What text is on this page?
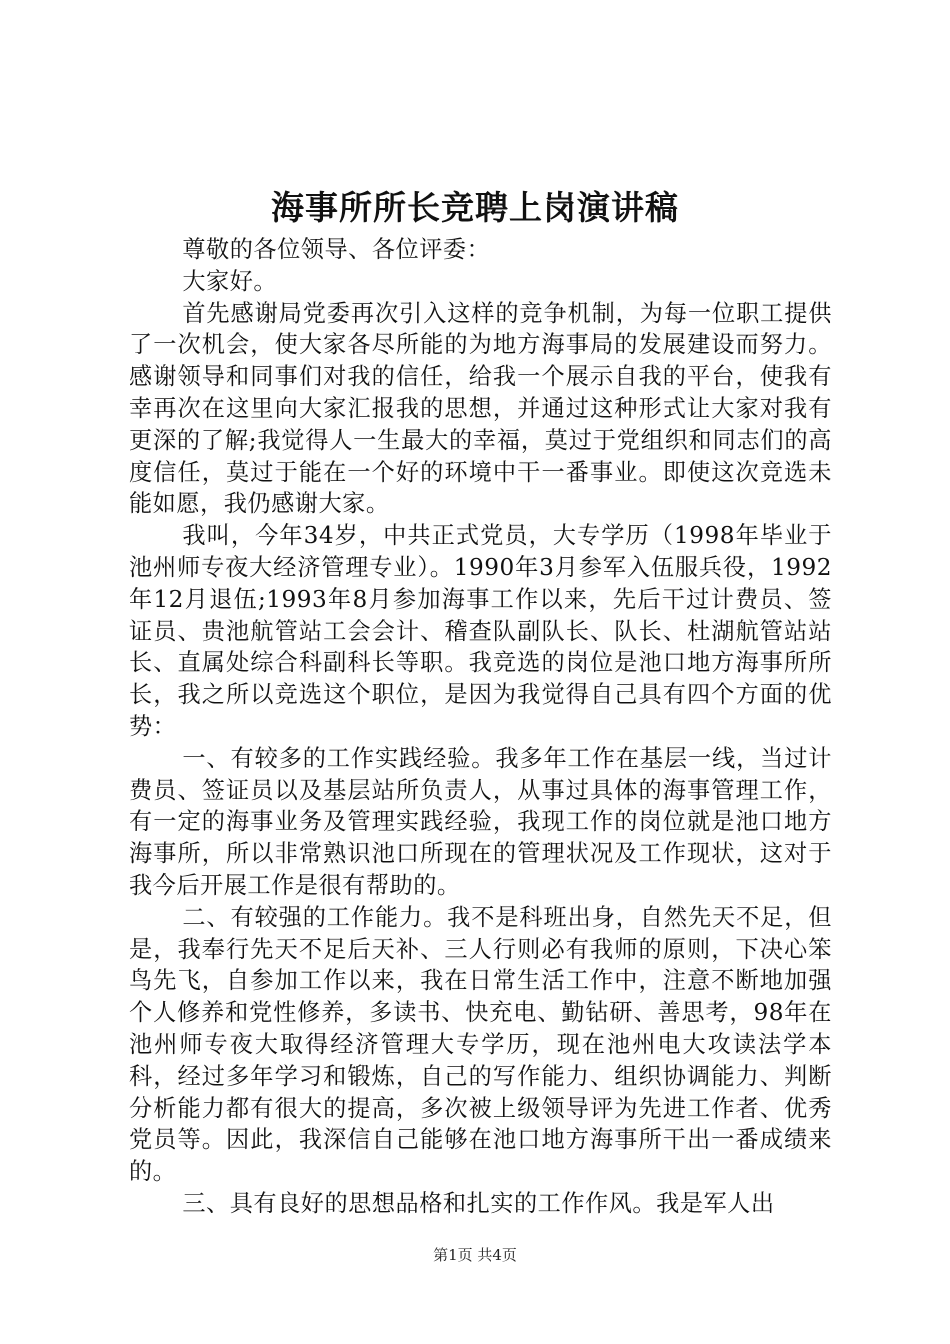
海事所所长竞聘上岗演讲稿

尊敬的各位领导、各位评委：

大家好。

首先感谢局党委再次引入这样的竞争机制，为每一位职工提供了一次机会，使大家各尽所能的为地方海事局的发展建设而努力。感谢领导和同事们对我的信任，给我一个展示自我的平台，使我有幸再次在这里向大家汇报我的思想，并通过这种形式让大家对我有更深的了解;我觉得人一生最大的幸福，莫过于党组织和同志们的高度信任，莫过于能在一个好的环境中干一番事业。即使这次竞选未能如愿，我仍感谢大家。

我叫，今年34岁，中共正式党员，大专学历（1998年毕业于池州师专夜大经济管理专业）。1990年3月参军入伍服兵役，1992年12月退伍;1993年8月参加海事工作以来，先后干过计费员、签证员、贵池航管站工会会计、稽查队副队长、队长、杜湖航管站站长、直属处综合科副科长等职。我竞选的岗位是池口地方海事所所长，我之所以竞选这个职位，是因为我觉得自己具有四个方面的优势：

一、有较多的工作实践经验。我多年工作在基层一线，当过计费员、签证员以及基层站所负责人，从事过具体的海事管理工作，有一定的海事业务及管理实践经验，我现工作的岗位就是池口地方海事所，所以非常熟识池口所现在的管理状况及工作现状，这对于我今后开展工作是很有帮助的。

二、有较强的工作能力。我不是科班出身，自然先天不足，但是，我奉行先天不足后天补、三人行则必有我师的原则，下决心笨鸟先飞，自参加工作以来，我在日常生活工作中，注意不断地加强个人修养和党性修养，多读书、快充电、勤钻研、善思考，98年在池州师专夜大取得经济管理大专学历，现在池州电大攻读法学本科，经过多年学习和锻炼，自己的写作能力、组织协调能力、判断分析能力都有很大的提高，多次被上级领导评为先进工作者、优秀党员等。因此，我深信自己能够在池口地方海事所干出一番成绩来的。

三、具有良好的思想品格和扎实的工作作风。我是军人出

第1页 共4页
